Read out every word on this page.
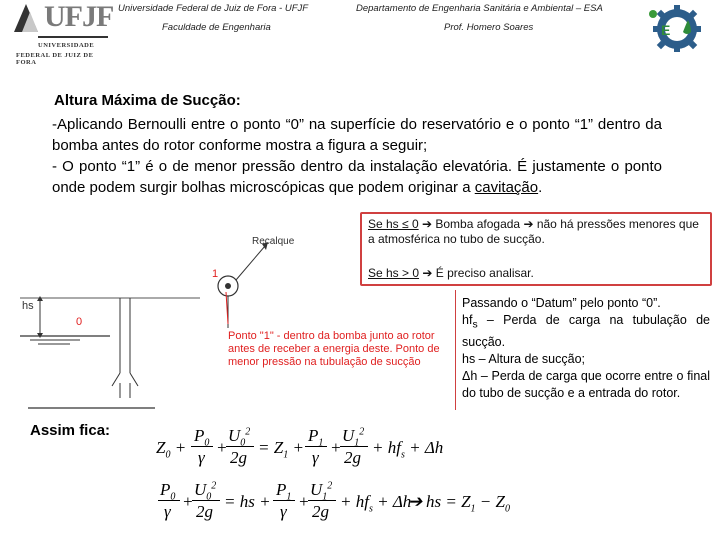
UFJF
UNIVERSIDADE
FEDERAL DE JUIZ DE FORA
Universidade Federal de Juiz de Fora - UFJF
Faculdade de Engenharia
Departamento de Engenharia Sanitária e Ambiental – ESA
Prof. Homero Soares	E
Altura Máxima de Sucção:

-Aplicando Bernoulli entre o ponto “0” na superfície do reservatório e o ponto “1” dentro da bomba antes do rotor conforme mostra a figura a seguir;

- O ponto “1” é o de menor pressão dentro da instalação elevatória. É justamente o ponto onde podem surgir bolhas microscópicas que podem originar a cavitação.

Se hs ≤ 0 ➔ Bomba afogada ➔ não há pressões menores que a atmosférica no tubo de sucção.
Se hs > 0 ➔ É preciso analisar.
Recalque
1
0
hs
Ponto "1" - dentro da bomba junto ao rotor antes de receber a energia deste. Ponto de menor pressão na tubulação de sucção
Passando o “Datum” pelo ponto “0”.
$hf_s$ – Perda de carga na tubulação de sucção.
hs – Altura de sucção;
Δh – Perda de carga que ocorre entre o final do tubo de sucção e a entrada do rotor.
Assim fica:
$Z_0$ +
$P_0$
γ
+
$U_0^2$
2g
= $Z_1$ +
$P_1$
γ
+
$U_1^2$
2g
+ $hf_s + \Delta h$
$P_0$
γ
+
$U_0^2$
2g
= hs +
$P_1$
γ
+
$U_1^2$
2g
+ $hf_s + \Delta h$
➔ hs = $Z_1 - Z_0$
